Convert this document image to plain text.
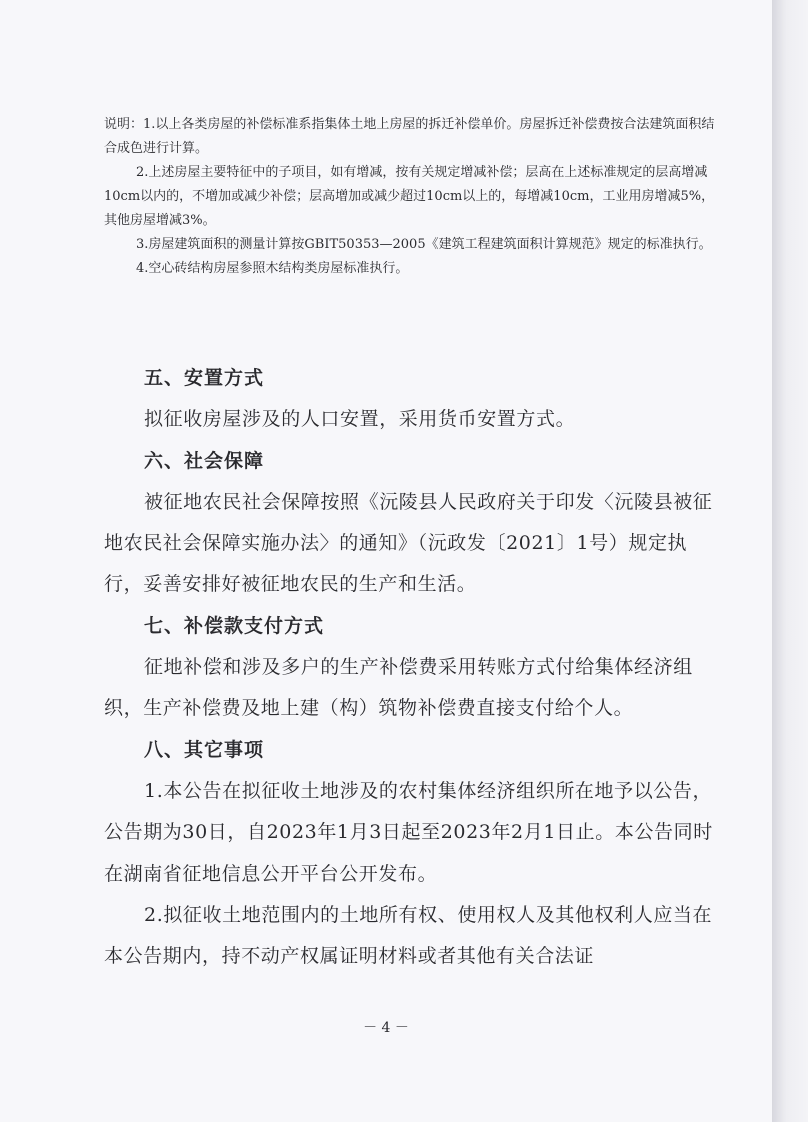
说明：1.以上各类房屋的补偿标准系指集体土地上房屋的拆迁补偿单价。房屋拆迁补偿费按合法建筑面积结合成色进行计算。

2.上述房屋主要特征中的子项目，如有增减，按有关规定增减补偿；层高在上述标准规定的层高增减10cm以内的，不增加或减少补偿；层高增加或减少超过10cm以上的，每增减10cm，工业用房增减5%，其他房屋增减3%。

3.房屋建筑面积的测量计算按GBIT50353—2005《建筑工程建筑面积计算规范》规定的标准执行。

4.空心砖结构房屋参照木结构类房屋标准执行。

五、安置方式

拟征收房屋涉及的人口安置，采用货币安置方式。

六、社会保障

被征地农民社会保障按照《沅陵县人民政府关于印发〈沅陵县被征地农民社会保障实施办法〉的通知》（沅政发〔2021〕1号）规定执行，妥善安排好被征地农民的生产和生活。

七、补偿款支付方式

征地补偿和涉及多户的生产补偿费采用转账方式付给集体经济组织，生产补偿费及地上建（构）筑物补偿费直接支付给个人。

八、其它事项

1.本公告在拟征收土地涉及的农村集体经济组织所在地予以公告，公告期为30日，自2023年1月3日起至2023年2月1日止。本公告同时在湖南省征地信息公开平台公开发布。

2.拟征收土地范围内的土地所有权、使用权人及其他权利人应当在本公告期内，持不动产权属证明材料或者其他有关合法证

－ 4 －
